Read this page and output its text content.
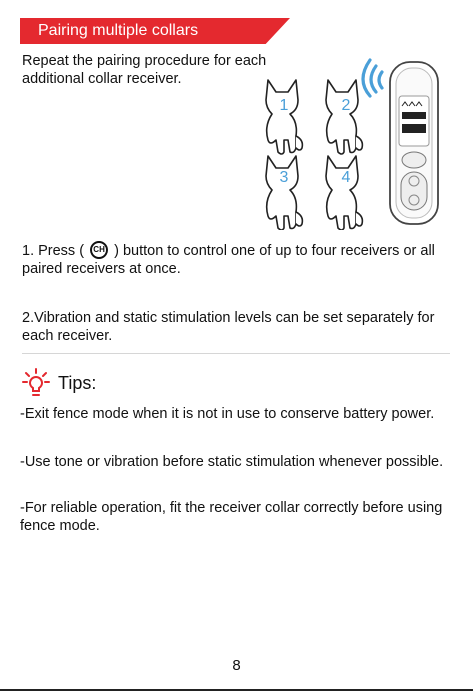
Pairing multiple collars
Repeat the pairing procedure for each additional collar receiver.
1	2
3	4
1. Press ( CH ) button to control one of up to four receivers or all paired receivers at once.
2.Vibration and static stimulation levels can be set separately for each receiver.
Tips:
-Exit fence mode when it is not in use to conserve battery power.
-Use tone or vibration before static stimulation whenever possible.
-For reliable operation, fit the receiver collar correctly before using fence mode.
8
